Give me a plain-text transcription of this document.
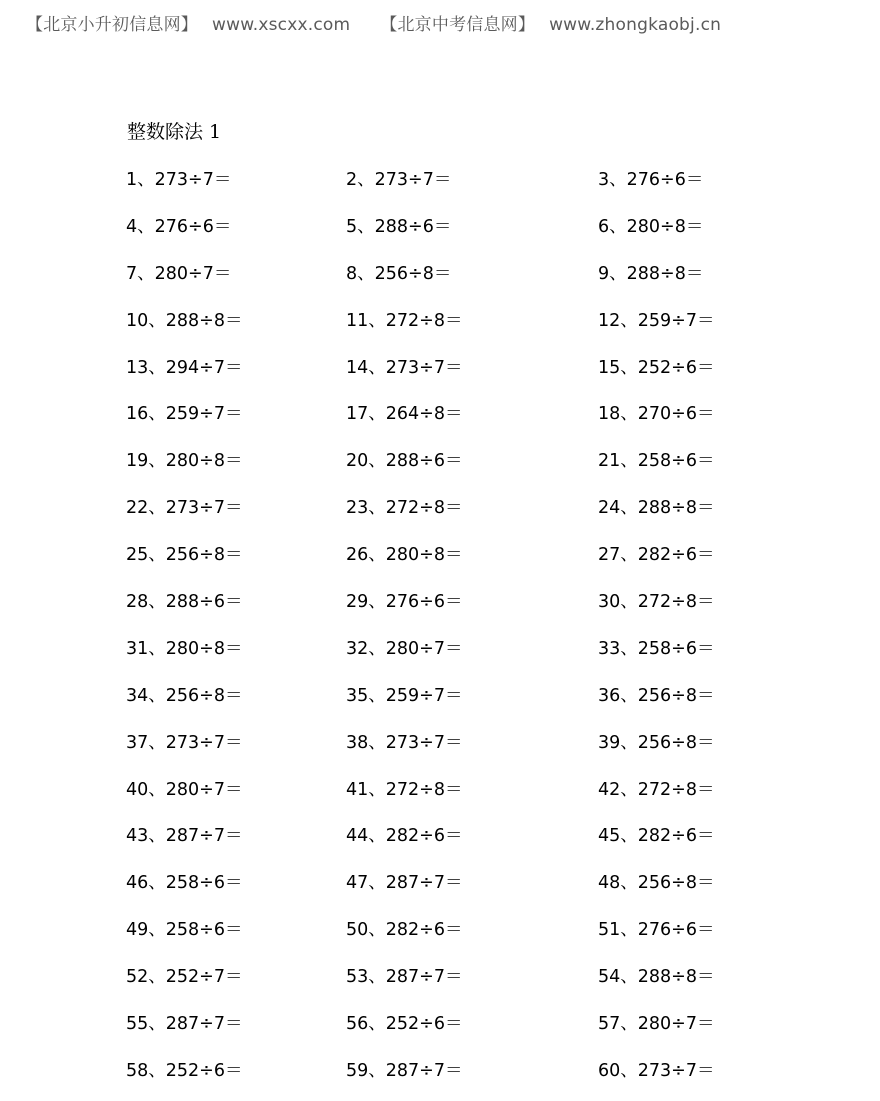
【北京小升初信息网】 www.xscxx.com 【北京中考信息网】 www.zhongkaobj.cn
整数除法 1
1、273÷7＝	2、273÷7＝	3、276÷6＝
4、276÷6＝	5、288÷6＝	6、280÷8＝
7、280÷7＝	8、256÷8＝	9、288÷8＝
10、288÷8＝	11、272÷8＝	12、259÷7＝
13、294÷7＝	14、273÷7＝	15、252÷6＝
16、259÷7＝	17、264÷8＝	18、270÷6＝
19、280÷8＝	20、288÷6＝	21、258÷6＝
22、273÷7＝	23、272÷8＝	24、288÷8＝
25、256÷8＝	26、280÷8＝	27、282÷6＝
28、288÷6＝	29、276÷6＝	30、272÷8＝
31、280÷8＝	32、280÷7＝	33、258÷6＝
34、256÷8＝	35、259÷7＝	36、256÷8＝
37、273÷7＝	38、273÷7＝	39、256÷8＝
40、280÷7＝	41、272÷8＝	42、272÷8＝
43、287÷7＝	44、282÷6＝	45、282÷6＝
46、258÷6＝	47、287÷7＝	48、256÷8＝
49、258÷6＝	50、282÷6＝	51、276÷6＝
52、252÷7＝	53、287÷7＝	54、288÷8＝
55、287÷7＝	56、252÷6＝	57、280÷7＝
58、252÷6＝	59、287÷7＝	60、273÷7＝
